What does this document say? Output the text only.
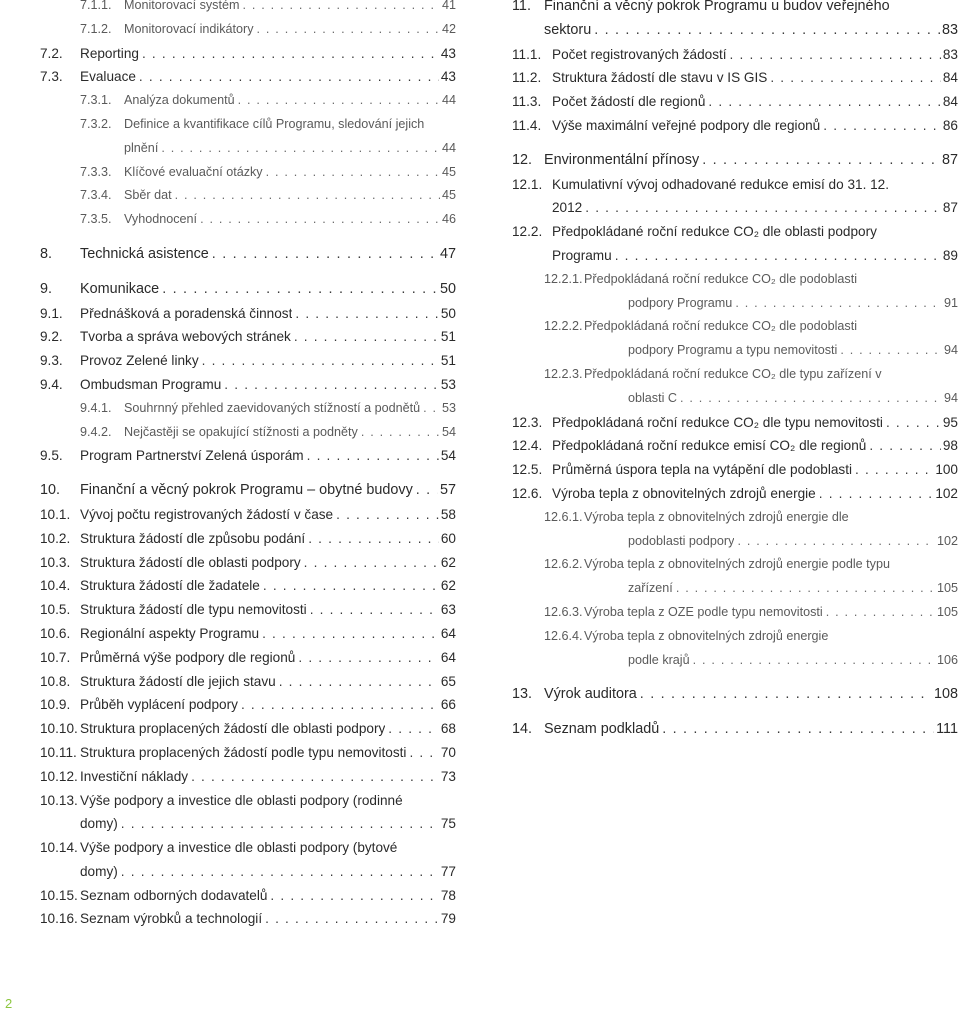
7.1.1. Monitorovací systém . . .	41
7.1.2. Monitorovací indikátory . . .	42
7.2. Reporting . . .	43
7.3. Evaluace . . .	43
7.3.1. Analýza dokumentů . . .	44
7.3.2. Definice a kvantifikace cílů Programu, sledování jejich
plnění . . .	44
7.3.3. Klíčové evaluační otázky . . .	45
7.3.4. Sběr dat . . .	45
7.3.5. Vyhodnocení . . .	46
8. Technická asistence . . .	47
9. Komunikace . . .	50
9.1. Přednášková a poradenská činnost . . .	50
9.2. Tvorba a správa webových stránek . . .	51
9.3. Provoz Zelené linky . . .	51
9.4. Ombudsman Programu . . .	53
9.4.1. Souhrnný přehled zaevidovaných stížností a podnětů . . . 53
9.4.2. Nejčastěji se opakující stížnosti a podněty . . .	54
9.5. Program Partnerství Zelená úsporám . . .	54
10. Finanční a věcný pokrok Programu – obytné budovy . . . 57
10.1. Vývoj počtu registrovaných žádostí v čase . . .	58
10.2. Struktura žádostí dle způsobu podání . . .	60
10.3. Struktura žádostí dle oblasti podpory . . .	62
10.4. Struktura žádostí dle žadatele . . .	62
10.5. Struktura žádostí dle typu nemovitosti . . .	63
10.6. Regionální aspekty Programu . . .	64
10.7. Průměrná výše podpory dle regionů . . .	64
10.8. Struktura žádostí dle jejich stavu . . .	65
10.9. Průběh vyplácení podpory . . .	66
10.10. Struktura proplacených žádostí dle oblasti podpory . . .	68
10.11. Struktura proplacených žádostí podle typu nemovitosti . . .	70
10.12. Investiční náklady . . .	73
10.13. Výše podpory a investice dle oblasti podpory (rodinné
domy) . . .	75
10.14. Výše podpory a investice dle oblasti podpory (bytové
domy) . . .	77
10.15. Seznam odborných dodavatelů . . .	78
10.16. Seznam výrobků a technologií . . .	79
11. Finanční a věcný pokrok Programu u budov veřejného
sektoru . . .	83
11.1. Počet registrovaných žádostí . . .	83
11.2. Struktura žádostí dle stavu v IS GIS . . .	84
11.3. Počet žádostí dle regionů . . .	84
11.4. Výše maximální veřejné podpory dle regionů . . .	86
12. Environmentální přínosy . . .	87
12.1. Kumulativní vývoj odhadované redukce emisí do 31. 12.
2012 . . .	87
12.2. Předpokládané roční redukce CO₂ dle oblasti podpory
Programu . . .	89
12.2.1. Předpokládaná roční redukce CO₂ dle podoblasti
podpory Programu . . .	91
12.2.2. Předpokládaná roční redukce CO₂ dle podoblasti
podpory Programu a typu nemovitosti . . .	94
12.2.3. Předpokládaná roční redukce CO₂ dle typu zařízení v
oblasti C . . .	94
12.3. Předpokládaná roční redukce CO₂ dle typu nemovitosti . . .	95
12.4. Předpokládaná roční redukce emisí CO₂ dle regionů . . .	98
12.5. Průměrná úspora tepla na vytápění dle podoblasti . . .	100
12.6. Výroba tepla z obnovitelných zdrojů energie . . .	102
12.6.1. Výroba tepla z obnovitelných zdrojů energie dle
podoblasti podpory . . .	102
12.6.2. Výroba tepla z obnovitelných zdrojů energie podle typu
zařízení . . .	105
12.6.3. Výroba tepla z OZE podle typu nemovitosti . . .	105
12.6.4. Výroba tepla z obnovitelných zdrojů energie
podle krajů . . .	106
13. Výrok auditora . . .	108
14. Seznam podkladů . . .	111
2
